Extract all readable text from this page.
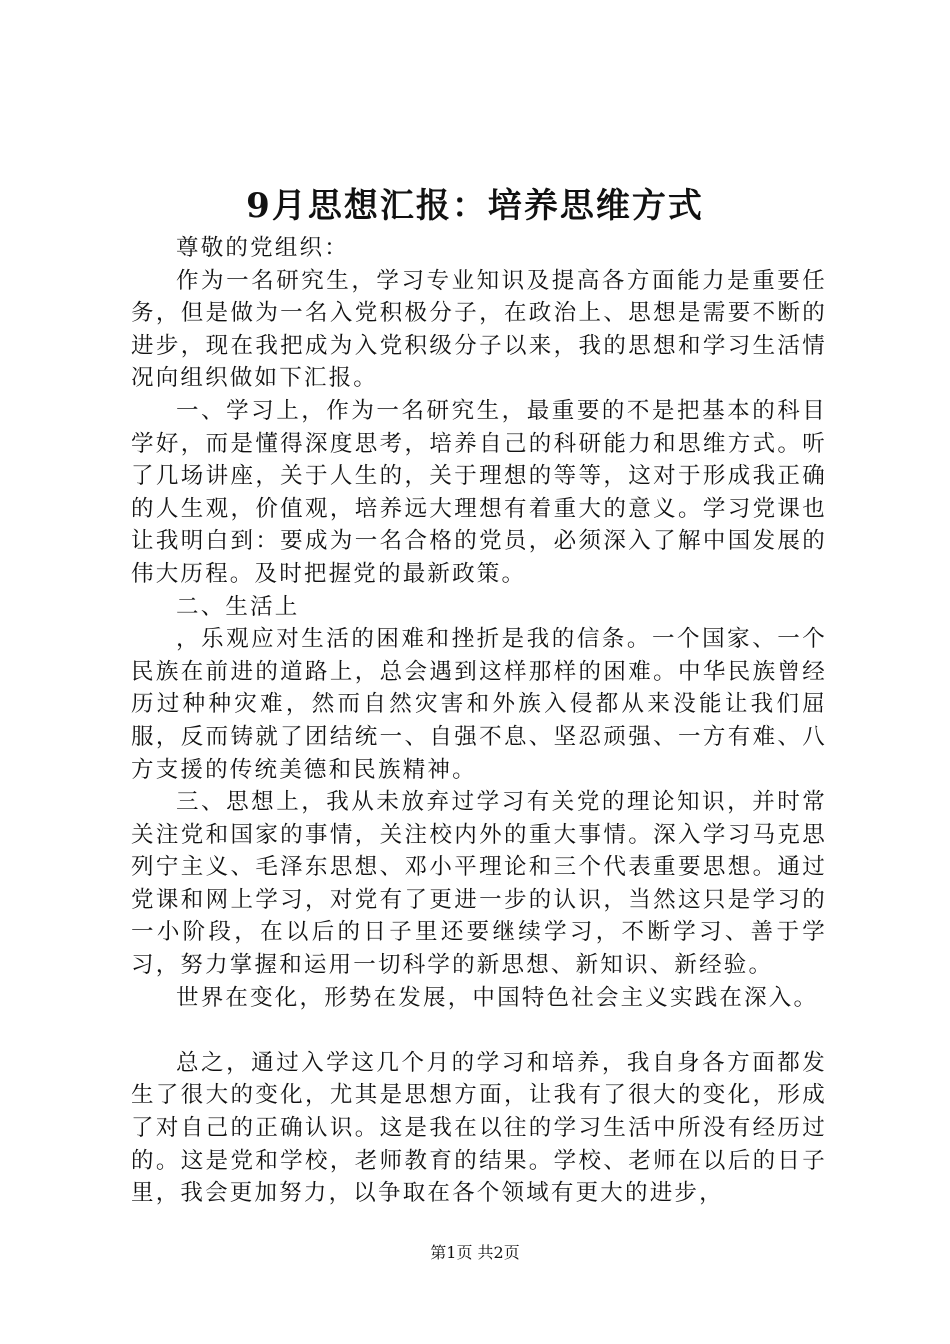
9月思想汇报：培养思维方式

尊敬的党组织：

作为一名研究生，学习专业知识及提高各方面能力是重要任务，但是做为一名入党积极分子，在政治上、思想是需要不断的进步，现在我把成为入党积级分子以来，我的思想和学习生活情况向组织做如下汇报。

一、学习上，作为一名研究生，最重要的不是把基本的科目学好，而是懂得深度思考，培养自己的科研能力和思维方式。听了几场讲座，关于人生的，关于理想的等等，这对于形成我正确的人生观，价值观，培养远大理想有着重大的意义。学习党课也让我明白到：要成为一名合格的党员，必须深入了解中国发展的伟大历程。及时把握党的最新政策。

二、生活上

，乐观应对生活的困难和挫折是我的信条。一个国家、一个民族在前进的道路上，总会遇到这样那样的困难。中华民族曾经历过种种灾难，然而自然灾害和外族入侵都从来没能让我们屈服，反而铸就了团结统一、自强不息、坚忍顽强、一方有难、八方支援的传统美德和民族精神。

三、思想上，我从未放弃过学习有关党的理论知识，并时常关注党和国家的事情，关注校内外的重大事情。深入学习马克思列宁主义、毛泽东思想、邓小平理论和三个代表重要思想。通过党课和网上学习，对党有了更进一步的认识，当然这只是学习的一小阶段，在以后的日子里还要继续学习，不断学习、善于学习，努力掌握和运用一切科学的新思想、新知识、新经验。

世界在变化，形势在发展，中国特色社会主义实践在深入。

总之，通过入学这几个月的学习和培养，我自身各方面都发生了很大的变化，尤其是思想方面，让我有了很大的变化，形成了对自己的正确认识。这是我在以往的学习生活中所没有经历过的。这是党和学校，老师教育的结果。学校、老师在以后的日子里，我会更加努力，以争取在各个领域有更大的进步，

第1页 共2页
